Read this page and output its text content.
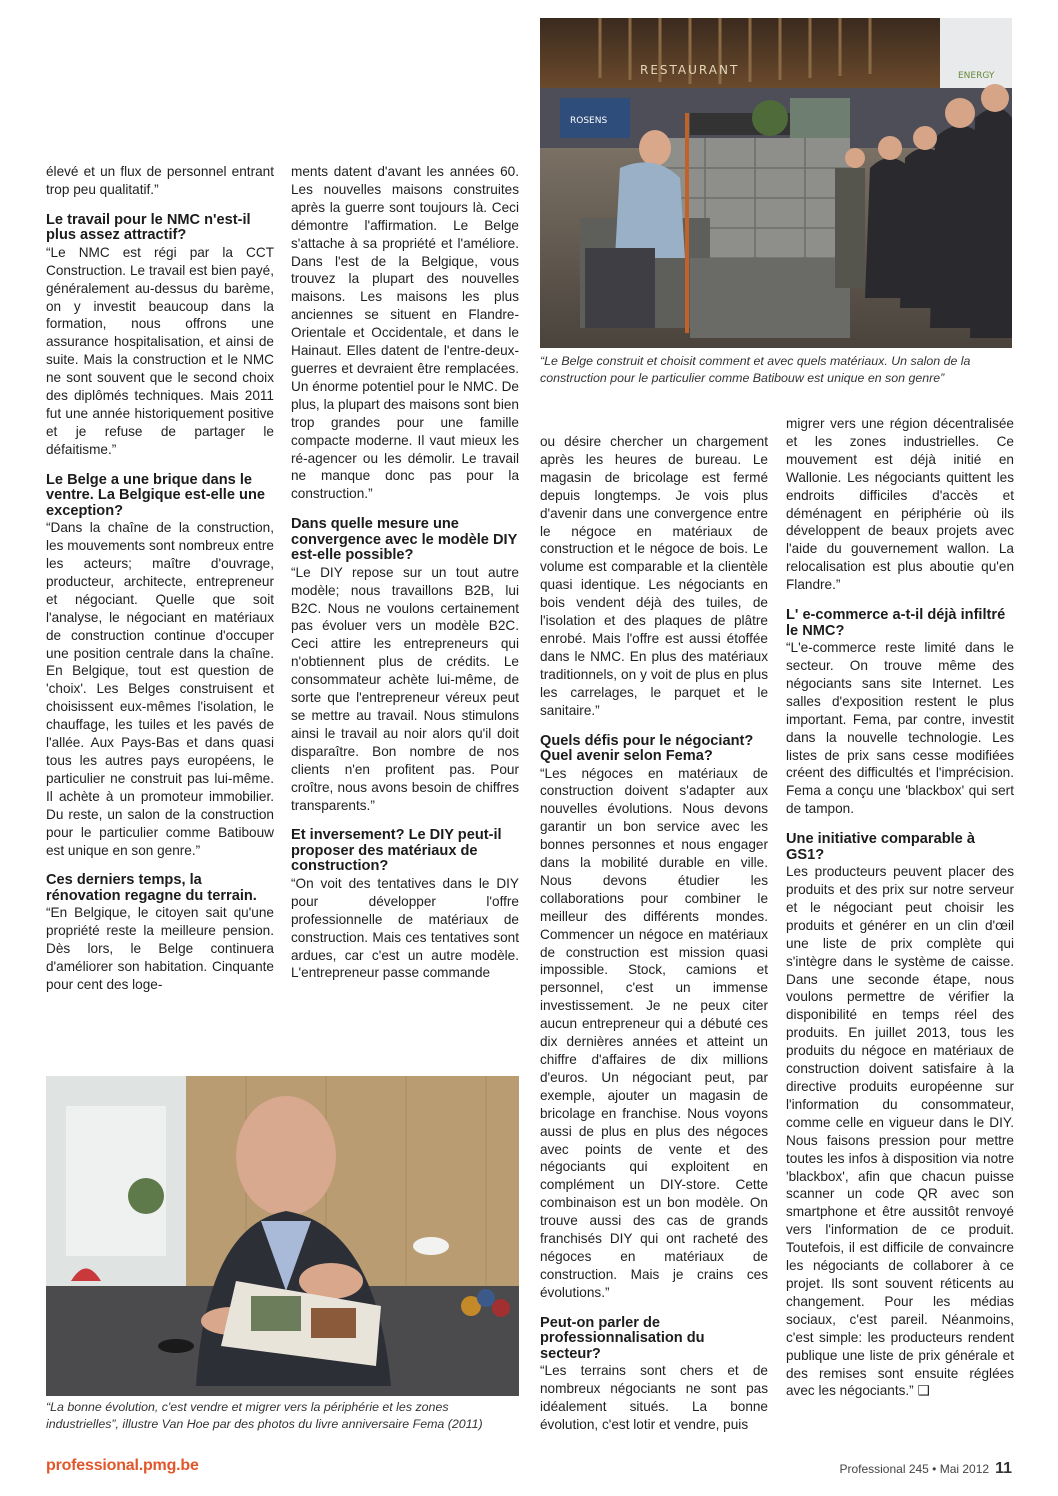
RESTAURANT	ENERGY
ROSENS
“Le Belge construit et choisit comment et avec quels matériaux. Un salon de la construction pour le particulier comme Batibouw est unique en son genre”
“La bonne évolution, c'est vendre et migrer vers la périphérie et les zones industrielles”, illustre Van Hoe par des photos du livre anniversaire Fema (2011)

élevé et un flux de personnel entrant trop peu qualitatif.”

Le travail pour le NMC n'est-il plus assez attractif?

“Le NMC est régi par la CCT Construction. Le travail est bien payé, généralement au-dessus du barème, on y investit beaucoup dans la formation, nous offrons une assurance hospitalisation, et ainsi de suite. Mais la construction et le NMC ne sont souvent que le second choix des diplômés techniques. Mais 2011 fut une année historiquement positive et je refuse de partager le défaitisme.”

Le Belge a une brique dans le ventre. La Belgique est-elle une exception?

“Dans la chaîne de la construction, les mouvements sont nombreux entre les acteurs; maître d'ouvrage, producteur, architecte, entrepreneur et négociant. Quelle que soit l'analyse, le négociant en matériaux de construction continue d'occuper une position centrale dans la chaîne. En Belgique, tout est question de 'choix'. Les Belges construisent et choisissent eux-mêmes l'isolation, le chauffage, les tuiles et les pavés de l'allée. Aux Pays-Bas et dans quasi tous les autres pays européens, le particulier ne construit pas lui-même. Il achète à un promoteur immobilier. Du reste, un salon de la construction pour le particulier comme Batibouw est unique en son genre.”

Ces derniers temps, la rénovation regagne du terrain.

“En Belgique, le citoyen sait qu'une propriété reste la meilleure pension. Dès lors, le Belge continuera d'améliorer son habitation. Cinquante pour cent des loge-

ments datent d'avant les années 60. Les nouvelles maisons construites après la guerre sont toujours là. Ceci démontre l'affirmation. Le Belge s'attache à sa propriété et l'améliore. Dans l'est de la Belgique, vous trouvez la plupart des nouvelles maisons. Les maisons les plus anciennes se situent en Flandre-Orientale et Occidentale, et dans le Hainaut. Elles datent de l'entre-deux-guerres et devraient être remplacées. Un énorme potentiel pour le NMC. De plus, la plupart des maisons sont bien trop grandes pour une famille compacte moderne. Il vaut mieux les ré-agencer ou les démolir. Le travail ne manque donc pas pour la construction.”

Dans quelle mesure une convergence avec le modèle DIY est-elle possible?

“Le DIY repose sur un tout autre modèle; nous travaillons B2B, lui B2C. Nous ne voulons certainement pas évoluer vers un modèle B2C. Ceci attire les entrepreneurs qui n'obtiennent plus de crédits. Le consommateur achète lui-même, de sorte que l'entrepreneur véreux peut se mettre au travail. Nous stimulons ainsi le travail au noir alors qu'il doit disparaître. Bon nombre de nos clients n'en profitent pas. Pour croître, nous avons besoin de chiffres transparents.”

Et inversement? Le DIY peut-il proposer des matériaux de construction?

“On voit des tentatives dans le DIY pour développer l'offre professionnelle de matériaux de construction. Mais ces tentatives sont ardues, car c'est un autre modèle. L'entrepreneur passe commande

ou désire chercher un chargement après les heures de bureau. Le magasin de bricolage est fermé depuis longtemps. Je vois plus d'avenir dans une convergence entre le négoce en matériaux de construction et le négoce de bois. Le volume est comparable et la clientèle quasi identique. Les négociants en bois vendent déjà des tuiles, de l'isolation et des plaques de plâtre enrobé. Mais l'offre est aussi étoffée dans le NMC. En plus des matériaux traditionnels, on y voit de plus en plus les carrelages, le parquet et le sanitaire.”

Quels défis pour le négociant? Quel avenir selon Fema?

“Les négoces en matériaux de construction doivent s'adapter aux nouvelles évolutions. Nous devons garantir un bon service avec les bonnes personnes et nous engager dans la mobilité durable en ville. Nous devons étudier les collaborations pour combiner le meilleur des différents mondes. Commencer un négoce en matériaux de construction est mission quasi impossible. Stock, camions et personnel, c'est un immense investissement. Je ne peux citer aucun entrepreneur qui a débuté ces dix dernières années et atteint un chiffre d'affaires de dix millions d'euros. Un négociant peut, par exemple, ajouter un magasin de bricolage en franchise. Nous voyons aussi de plus en plus des négoces avec points de vente et des négociants qui exploitent en complément un DIY-store. Cette combinaison est un bon modèle. On trouve aussi des cas de grands franchisés DIY qui ont racheté des négoces en matériaux de construction. Mais je crains ces évolutions.”

Peut-on parler de professionnalisation du secteur?

“Les terrains sont chers et de nombreux négociants ne sont pas idéalement situés. La bonne évolution, c'est lotir et vendre, puis

migrer vers une région décentralisée et les zones industrielles. Ce mouvement est déjà initié en Wallonie. Les négociants quittent les endroits difficiles d'accès et déménagent en périphérie où ils développent de beaux projets avec l'aide du gouvernement wallon. La relocalisation est plus aboutie qu'en Flandre.”

L' e-commerce a-t-il déjà infiltré le NMC?

“L'e-commerce reste limité dans le secteur. On trouve même des négociants sans site Internet. Les salles d'exposition restent le plus important. Fema, par contre, investit dans la nouvelle technologie. Les listes de prix sans cesse modifiées créent des difficultés et l'imprécision. Fema a conçu une 'blackbox' qui sert de tampon.

Une initiative comparable à GS1?

Les producteurs peuvent placer des produits et des prix sur notre serveur et le négociant peut choisir les produits et générer en un clin d'œil une liste de prix complète qui s'intègre dans le système de caisse. Dans une seconde étape, nous voulons permettre de vérifier la disponibilité en temps réel des produits. En juillet 2013, tous les produits du négoce en matériaux de construction doivent satisfaire à la directive produits européenne sur l'information du consommateur, comme celle en vigueur dans le DIY. Nous faisons pression pour mettre toutes les infos à disposition via notre 'blackbox', afin que chacun puisse scanner un code QR avec son smartphone et être aussitôt renvoyé vers l'information de ce produit. Toutefois, il est difficile de convaincre les négociants de collaborer à ce projet. Ils sont souvent réticents au changement. Pour les médias sociaux, c'est pareil. Néanmoins, c'est simple: les producteurs rendent publique une liste de prix générale et des remises sont ensuite réglées avec les négociants.” ❑

professional.pmg.be	Professional 245 • Mai 2012 11
